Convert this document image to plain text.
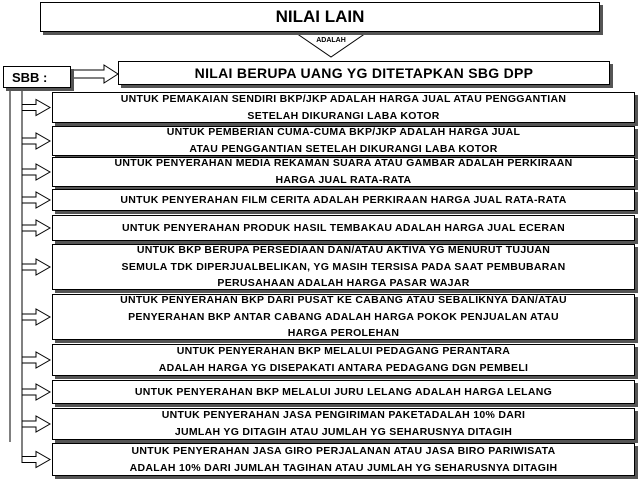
NILAI LAIN
ADALAH
SBB :	NILAI BERUPA UANG YG DITETAPKAN SBG DPP
UNTUK PEMAKAIAN SENDIRI BKP/JKP ADALAH HARGA JUAL ATAU PENGGANTIAN
SETELAH DIKURANGI LABA KOTOR
UNTUK PEMBERIAN CUMA-CUMA BKP/JKP ADALAH HARGA JUAL
ATAU PENGGANTIAN SETELAH DIKURANGI LABA KOTOR
UNTUK PENYERAHAN MEDIA REKAMAN SUARA ATAU GAMBAR ADALAH PERKIRAAN
HARGA JUAL RATA-RATA
UNTUK PENYERAHAN FILM CERITA ADALAH PERKIRAAN HARGA JUAL RATA-RATA
UNTUK PENYERAHAN PRODUK HASIL TEMBAKAU ADALAH HARGA JUAL ECERAN
UNTUK BKP BERUPA PERSEDIAAN DAN/ATAU AKTIVA YG MENURUT TUJUAN
SEMULA TDK DIPERJUALBELIKAN, YG MASIH TERSISA PADA SAAT PEMBUBARAN
PERUSAHAAN ADALAH HARGA PASAR WAJAR
UNTUK PENYERAHAN BKP DARI PUSAT KE CABANG ATAU SEBALIKNYA DAN/ATAU
PENYERAHAN BKP ANTAR CABANG ADALAH HARGA POKOK PENJUALAN ATAU
HARGA PEROLEHAN
UNTUK PENYERAHAN BKP MELALUI PEDAGANG PERANTARA
ADALAH HARGA YG DISEPAKATI ANTARA PEDAGANG DGN PEMBELI
UNTUK PENYERAHAN BKP MELALUI JURU LELANG ADALAH HARGA LELANG
UNTUK PENYERAHAN JASA PENGIRIMAN PAKETADALAH 10% DARI
JUMLAH YG DITAGIH ATAU JUMLAH YG SEHARUSNYA DITAGIH
UNTUK PENYERAHAN JASA GIRO PERJALANAN ATAU JASA BIRO PARIWISATA
ADALAH 10% DARI JUMLAH TAGIHAN ATAU JUMLAH YG SEHARUSNYA DITAGIH
